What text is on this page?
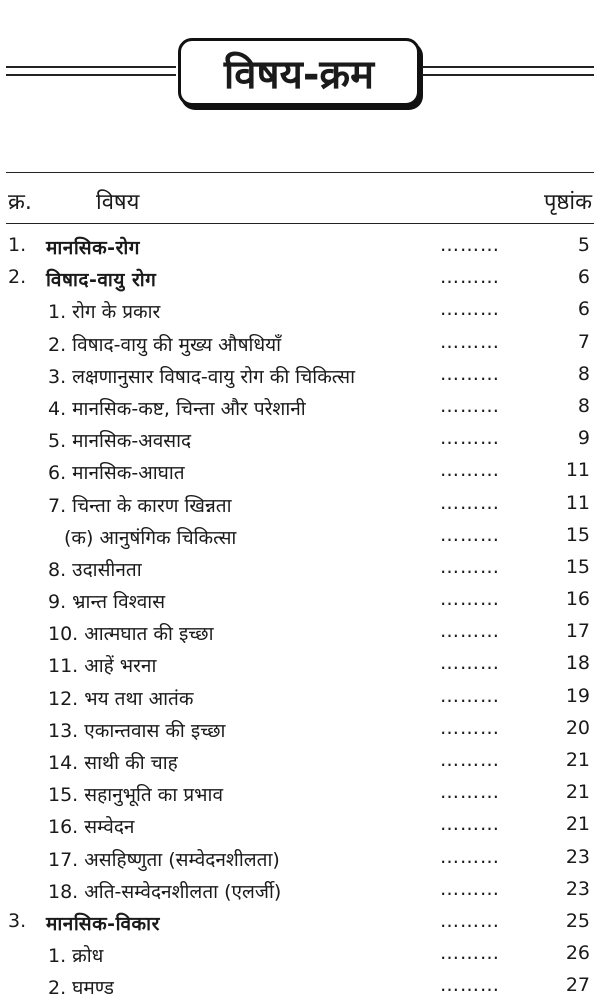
विषय-क्रम
क्र.	विषय	पृष्ठांक
1. मानसिक-रोग	………	5
2. विषाद-वायु रोग	………	6
1. रोग के प्रकार	………	6
2. विषाद-वायु की मुख्य औषधियाँ	………	7
3. लक्षणानुसार विषाद-वायु रोग की चिकित्सा	………	8
4. मानसिक-कष्ट, चिन्ता और परेशानी	………	8
5. मानसिक-अवसाद	………	9
6. मानसिक-आघात	………	11
7. चिन्ता के कारण खिन्नता	………	11
(क) आनुषंगिक चिकित्सा	………	15
8. उदासीनता	………	15
9. भ्रान्त विश्वास	………	16
10. आत्मघात की इच्छा	………	17
11. आहें भरना	………	18
12. भय तथा आतंक	………	19
13. एकान्तवास की इच्छा	………	20
14. साथी की चाह	………	21
15. सहानुभूति का प्रभाव	………	21
16. सम्वेदन	………	21
17. असहिष्णुता (सम्वेदनशीलता)	………	23
18. अति-सम्वेदनशीलता (एलर्जी)	………	23
3. मानसिक-विकार	………	25
1. क्रोध	………	26
2. घमण्ड	………	27
